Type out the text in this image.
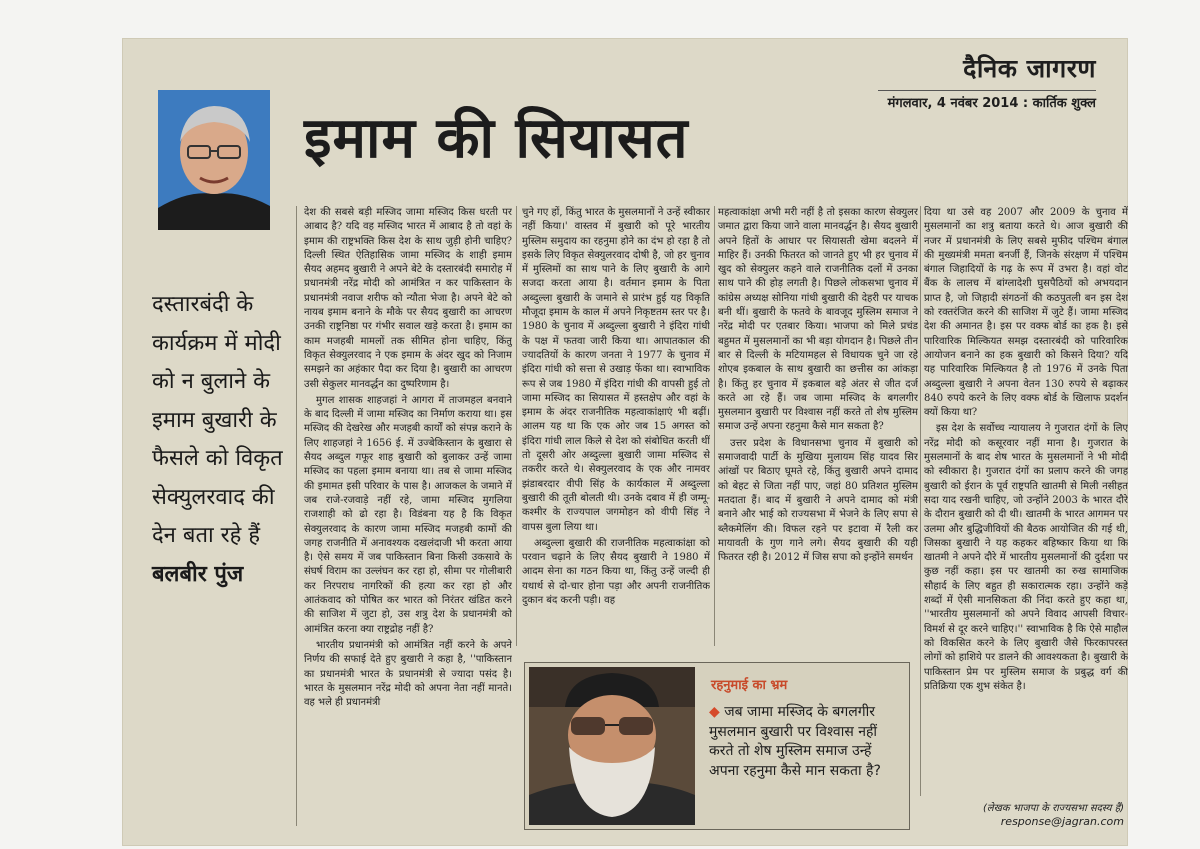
दैनिक जागरण
मंगलवार, 4 नवंबर 2014 : कार्तिक शुक्ल
इमाम की सियासत
दस्तारबंदी के कार्यक्रम में मोदी को न बुलाने के इमाम बुखारी के फैसले को विकृत सेक्युलरवाद की देन बता रहे हैं
बलबीर पुंज

देश की सबसे बड़ी मस्जिद जामा मस्जिद किस धरती पर आबाद है? यदि वह मस्जिद भारत में आबाद है तो वहां के इमाम की राष्ट्रभक्ति किस देश के साथ जुड़ी होनी चाहिए? दिल्ली स्थित ऐतिहासिक जामा मस्जिद के शाही इमाम सैयद अहमद बुखारी ने अपने बेटे के दस्तारबंदी समारोह में प्रधानमंत्री नरेंद्र मोदी को आमंत्रित न कर पाकिस्तान के प्रधानमंत्री नवाज शरीफ को न्यौता भेजा है। अपने बेटे को नायब इमाम बनाने के मौके पर सैयद बुखारी का आचरण उनकी राष्ट्रनिष्ठा पर गंभीर सवाल खड़े करता है। इमाम का काम मजहबी मामलों तक सीमित होना चाहिए, किंतु विकृत सेक्युलरवाद ने एक इमाम के अंदर खुद को निजाम समझने का अहंकार पैदा कर दिया है। बुखारी का आचरण उसी सेकुलर मानवर्द्धन का दुष्परिणाम है।

मुगल शासक शाहजहां ने आगरा में ताजमहल बनवाने के बाद दिल्ली में जामा मस्जिद का निर्माण कराया था। इस मस्जिद की देखरेख और मजहबी कार्यों को संपन्न कराने के लिए शाहजहां ने 1656 ई. में उज्बेकिस्तान के बुखारा से सैयद अब्दुल गफूर शाह बुखारी को बुलाकर उन्हें जामा मस्जिद का पहला इमाम बनाया था। तब से जामा मस्जिद की इमामत इसी परिवार के पास है। आजकल के जमाने में जब राजे-रजवाड़े नहीं रहे, जामा मस्जिद मुगलिया राजशाही को ढो रहा है। विडंबना यह है कि विकृत सेक्युलरवाद के कारण जामा मस्जिद मजहबी कामों की जगह राजनीति में अनावश्यक दखलंदाजी भी करता आया है। ऐसे समय में जब पाकिस्तान बिना किसी उकसावे के संघर्ष विराम का उल्लंघन कर रहा हो, सीमा पर गोलीबारी कर निरपराध नागरिकों की हत्या कर रहा हो और आतंकवाद को पोषित कर भारत को निरंतर खंडित करने की साजिश में जुटा हो, उस शत्रु देश के प्रधानमंत्री को आमंत्रित करना क्या राष्ट्रद्रोह नहीं है?

भारतीय प्रधानमंत्री को आमंत्रित नहीं करने के अपने निर्णय की सफाई देते हुए बुखारी ने कहा है, ''पाकिस्तान का प्रधानमंत्री भारत के प्रधानमंत्री से ज्यादा पसंद है। भारत के मुसलमान नरेंद्र मोदी को अपना नेता नहीं मानते। वह भले ही प्रधानमंत्री

चुने गए हों, किंतु भारत के मुसलमानों ने उन्हें स्वीकार नहीं किया।' वास्तव में बुखारी को पूरे भारतीय मुस्लिम समुदाय का रहनुमा होने का दंभ हो रहा है तो इसके लिए विकृत सेक्युलरवाद दोषी है, जो हर चुनाव में मुस्लिमों का साथ पाने के लिए बुखारी के आगे सजदा करता आया है। वर्तमान इमाम के पिता अब्दुल्ला बुखारी के जमाने से प्रारंभ हुई यह विकृति मौजूदा इमाम के काल में अपने निकृष्टतम स्तर पर है। 1980 के चुनाव में अब्दुल्ला बुखारी ने इंदिरा गांधी के पक्ष में फतवा जारी किया था। आपातकाल की ज्यादतियों के कारण जनता ने 1977 के चुनाव में इंदिरा गांधी को सत्ता से उखाड़ फेंका था। स्वाभाविक रूप से जब 1980 में इंदिरा गांधी की वापसी हुई तो जामा मस्जिद का सियासत में हस्तक्षेप और वहां के इमाम के अंदर राजनीतिक महत्वाकांक्षाएं भी बढ़ीं। आलम यह था कि एक ओर जब 15 अगस्त को इंदिरा गांधी लाल किले से देश को संबोधित करती थीं तो दूसरी ओर अब्दुल्ला बुखारी जामा मस्जिद से तकरीर करते थे। सेक्युलरवाद के एक और नामवर झंडाबरदार वीपी सिंह के कार्यकाल में अब्दुल्ला बुखारी की तूती बोलती थी। उनके दबाव में ही जम्मू-कश्मीर के राज्यपाल जगमोहन को वीपी सिंह ने वापस बुला लिया था।

अब्दुल्ला बुखारी की राजनीतिक महत्वाकांक्षा को परवान चढ़ाने के लिए सैयद बुखारी ने 1980 में आदम सेना का गठन किया था, किंतु उन्हें जल्दी ही यथार्थ से दो-चार होना पड़ा और अपनी राजनीतिक दुकान बंद करनी पड़ी। वह

महत्वाकांक्षा अभी मरी नहीं है तो इसका कारण सेक्युलर जमात द्वारा किया जाने वाला मानवर्द्धन है। सैयद बुखारी अपने हितों के आधार पर सियासती खेमा बदलने में माहिर हैं। उनकी फितरत को जानते हुए भी हर चुनाव में खुद को सेक्युलर कहने वाले राजनीतिक दलों में उनका साथ पाने की होड़ लगती है। पिछले लोकसभा चुनाव में कांग्रेस अध्यक्ष सोनिया गांधी बुखारी की देहरी पर याचक बनी थीं। बुखारी के फतवे के बावजूद मुस्लिम समाज ने नरेंद्र मोदी पर एतबार किया। भाजपा को मिले प्रचंड बहुमत में मुसलमानों का भी बड़ा योगदान है। पिछले तीन बार से दिल्ली के मटियामहल से विधायक चुने जा रहे शोएब इकबाल के साथ बुखारी का छत्तीस का आंकड़ा है। किंतु हर चुनाव में इकबाल बड़े अंतर से जीत दर्ज करते आ रहे हैं। जब जामा मस्जिद के बगलगीर मुसलमान बुखारी पर विश्वास नहीं करते तो शेष मुस्लिम समाज उन्हें अपना रहनुमा कैसे मान सकता है?

उत्तर प्रदेश के विधानसभा चुनाव में बुखारी को समाजवादी पार्टी के मुखिया मुलायम सिंह यादव सिर आंखों पर बिठाए घूमते रहे, किंतु बुखारी अपने दामाद को बेहट से जिता नहीं पाए, जहां 80 प्रतिशत मुस्लिम मतदाता हैं। बाद में बुखारी ने अपने दामाद को मंत्री बनाने और भाई को राज्यसभा में भेजने के लिए सपा से ब्लैकमेलिंग की। विफल रहने पर इटावा में रैली कर मायावती के गुण गाने लगे। सैयद बुखारी की यही फितरत रही है। 2012 में जिस सपा को इन्होंने समर्थन

दिया था उसे वह 2007 और 2009 के चुनाव में मुसलमानों का शत्रु बताया करते थे। आज बुखारी की नजर में प्रधानमंत्री के लिए सबसे मुफीद पश्चिम बंगाल की मुख्यमंत्री ममता बनर्जी हैं, जिनके संरक्षण में पश्चिम बंगाल जिहादियों के गढ़ के रूप में उभरा है। वहां वोट बैंक के लालच में बांग्लादेशी घुसपैठियों को अभयदान प्राप्त है, जो जिहादी संगठनों की कठपुतली बन इस देश को रक्तरंजित करने की साजिश में जुटे हैं। जामा मस्जिद देश की अमानत है। इस पर वक्फ बोर्ड का हक है। इसे पारिवारिक मिल्कियत समझ दस्तारबंदी को पारिवारिक आयोजन बनाने का हक बुखारी को किसने दिया? यदि यह पारिवारिक मिल्कियत है तो 1976 में उनके पिता अब्दुल्ला बुखारी ने अपना वेतन 130 रुपये से बढ़ाकर 840 रुपये करने के लिए वक्फ बोर्ड के खिलाफ प्रदर्शन क्यों किया था?

इस देश के सर्वोच्च न्यायालय ने गुजरात दंगों के लिए नरेंद्र मोदी को कसूरवार नहीं माना है। गुजरात के मुसलमानों के बाद शेष भारत के मुसलमानों ने भी मोदी को स्वीकारा है। गुजरात दंगों का प्रलाप करने की जगह बुखारी को ईरान के पूर्व राष्ट्रपति खातमी से मिली नसीहत सदा याद रखनी चाहिए, जो उन्होंने 2003 के भारत दौरे के दौरान बुखारी को दी थी। खातमी के भारत आगमन पर उलमा और बुद्धिजीवियों की बैठक आयोजित की गई थी, जिसका बुखारी ने यह कहकर बहिष्कार किया था कि खातमी ने अपने दौरे में भारतीय मुसलमानों की दुर्दशा पर कुछ नहीं कहा। इस पर खातमी का रुख सामाजिक सौहार्द के लिए बहुत ही सकारात्मक रहा। उन्होंने कड़े शब्दों में ऐसी मानसिकता की निंदा करते हुए कहा था, ''भारतीय मुसलमानों को अपने विवाद आपसी विचार-विमर्श से दूर करने चाहिए।'' स्वाभाविक है कि ऐसे माहौल को विकसित करने के लिए बुखारी जैसे फिरकापरस्त लोगों को हाशिये पर डालने की आवश्यकता है। बुखारी के पाकिस्तान प्रेम पर मुस्लिम समाज के प्रबुद्ध वर्ग की प्रतिक्रिया एक शुभ संकेत है।

रहनुमाई का भ्रम
◆ जब जामा मस्जिद के बगलगीर मुसलमान बुखारी पर विश्वास नहीं करते तो शेष मुस्लिम समाज उन्हें अपना रहनुमा कैसे मान सकता है?
(लेखक भाजपा के राज्यसभा सदस्य हैं)
response@jagran.com
